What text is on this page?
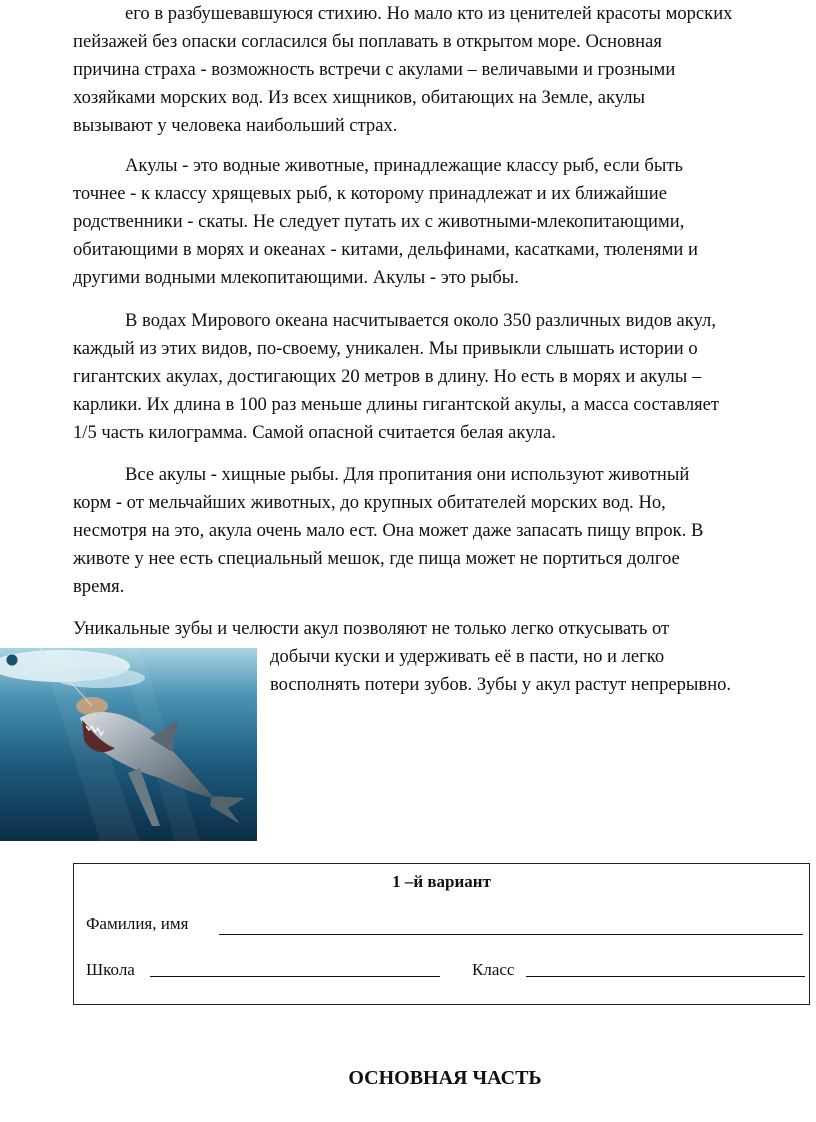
его в разбушевавшуюся стихию. Но мало кто из ценителей красоты морских

пейзажей без опаски согласился бы поплавать в открытом море. Основная

причина страха - возможность встречи с акулами – величавыми и грозными

хозяйками морских вод. Из всех хищников, обитающих на Земле, акулы

вызывают у человека наибольший страх.

Акулы - это водные животные, принадлежащие классу рыб, если быть

точнее - к классу хрящевых рыб, к которому принадлежат и их ближайшие

родственники - скаты. Не следует путать их с животными-млекопитающими,

обитающими в морях и океанах - китами, дельфинами, касатками, тюленями и

другими водными млекопитающими. Акулы - это рыбы.

В водах Мирового океана насчитывается около 350 различных видов акул,

каждый из этих видов, по-своему, уникален. Мы привыкли слышать истории о

гигантских акулах, достигающих 20 метров в длину. Но есть в морях и акулы –

карлики. Их длина в 100 раз меньше длины гигантской акулы, а масса составляет

1/5 часть килограмма. Самой опасной считается белая акула.

Все акулы - хищные рыбы. Для пропитания они используют животный

корм - от мельчайших животных, до крупных обитателей морских вод. Но,

несмотря на это, акула очень мало ест. Она может даже запасать пищу впрок. В

животе у нее есть специальный мешок, где пища может не портиться долгое

время.

Уникальные зубы и челюсти акул позволяют не только легко откусывать от

добычи куски и удерживать её в пасти, но и легко

восполнять потери зубов. Зубы у акул растут непрерывно.

1 –й вариант
Фамилия, имя
Школа	Класс
ОСНОВНАЯ ЧАСТЬ
